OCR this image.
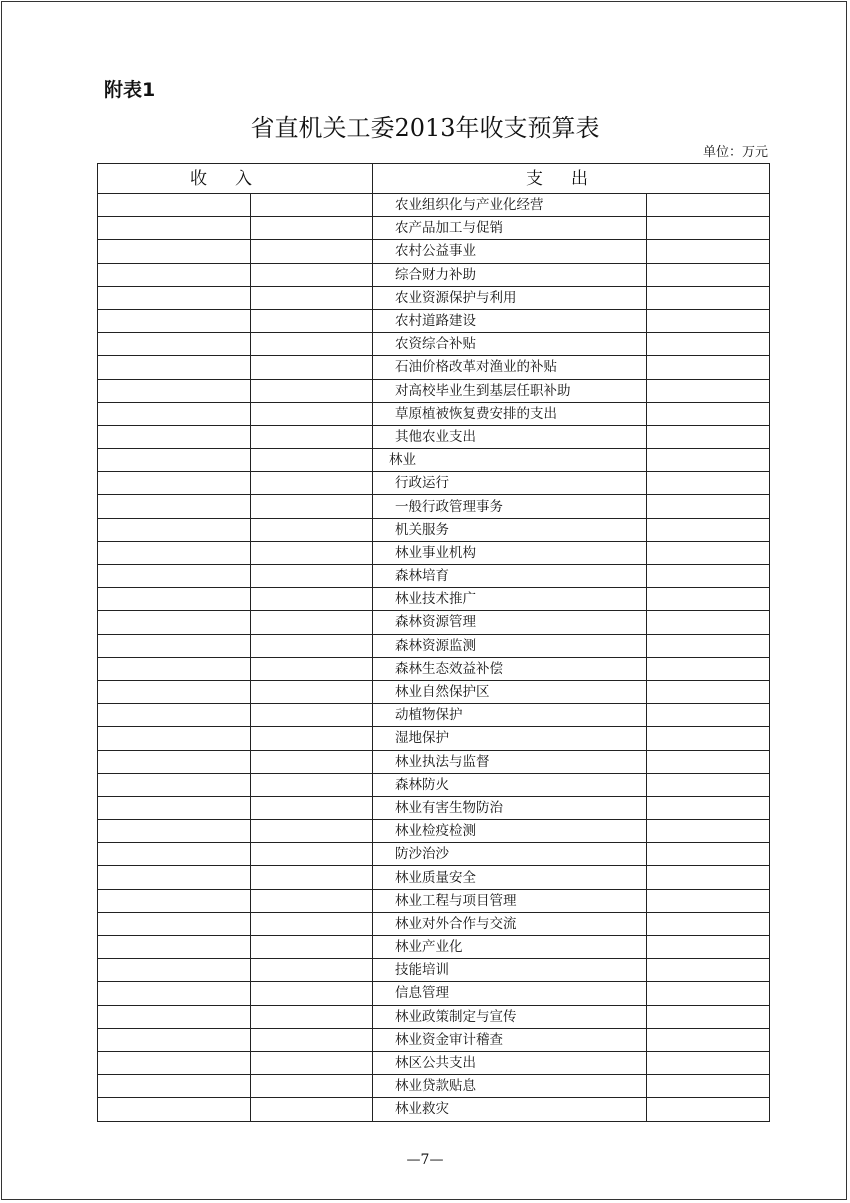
附表1
省直机关工委2013年收支预算表
单位：万元
收入		支出	
		农业组织化与产业化经营	
		农产品加工与促销	
		农村公益事业	
		综合财力补助	
		农业资源保护与利用	
		农村道路建设	
		农资综合补贴	
		石油价格改革对渔业的补贴	
		对高校毕业生到基层任职补助	
		草原植被恢复费安排的支出	
		其他农业支出	
		林业	
		行政运行	
		一般行政管理事务	
		机关服务	
		林业事业机构	
		森林培育	
		林业技术推广	
		森林资源管理	
		森林资源监测	
		森林生态效益补偿	
		林业自然保护区	
		动植物保护	
		湿地保护	
		林业执法与监督	
		森林防火	
		林业有害生物防治	
		林业检疫检测	
		防沙治沙	
		林业质量安全	
		林业工程与项目管理	
		林业对外合作与交流	
		林业产业化	
		技能培训	
		信息管理	
		林业政策制定与宣传	
		林业资金审计稽查	
		林区公共支出	
		林业贷款贴息	
		林业救灾	
—7—
